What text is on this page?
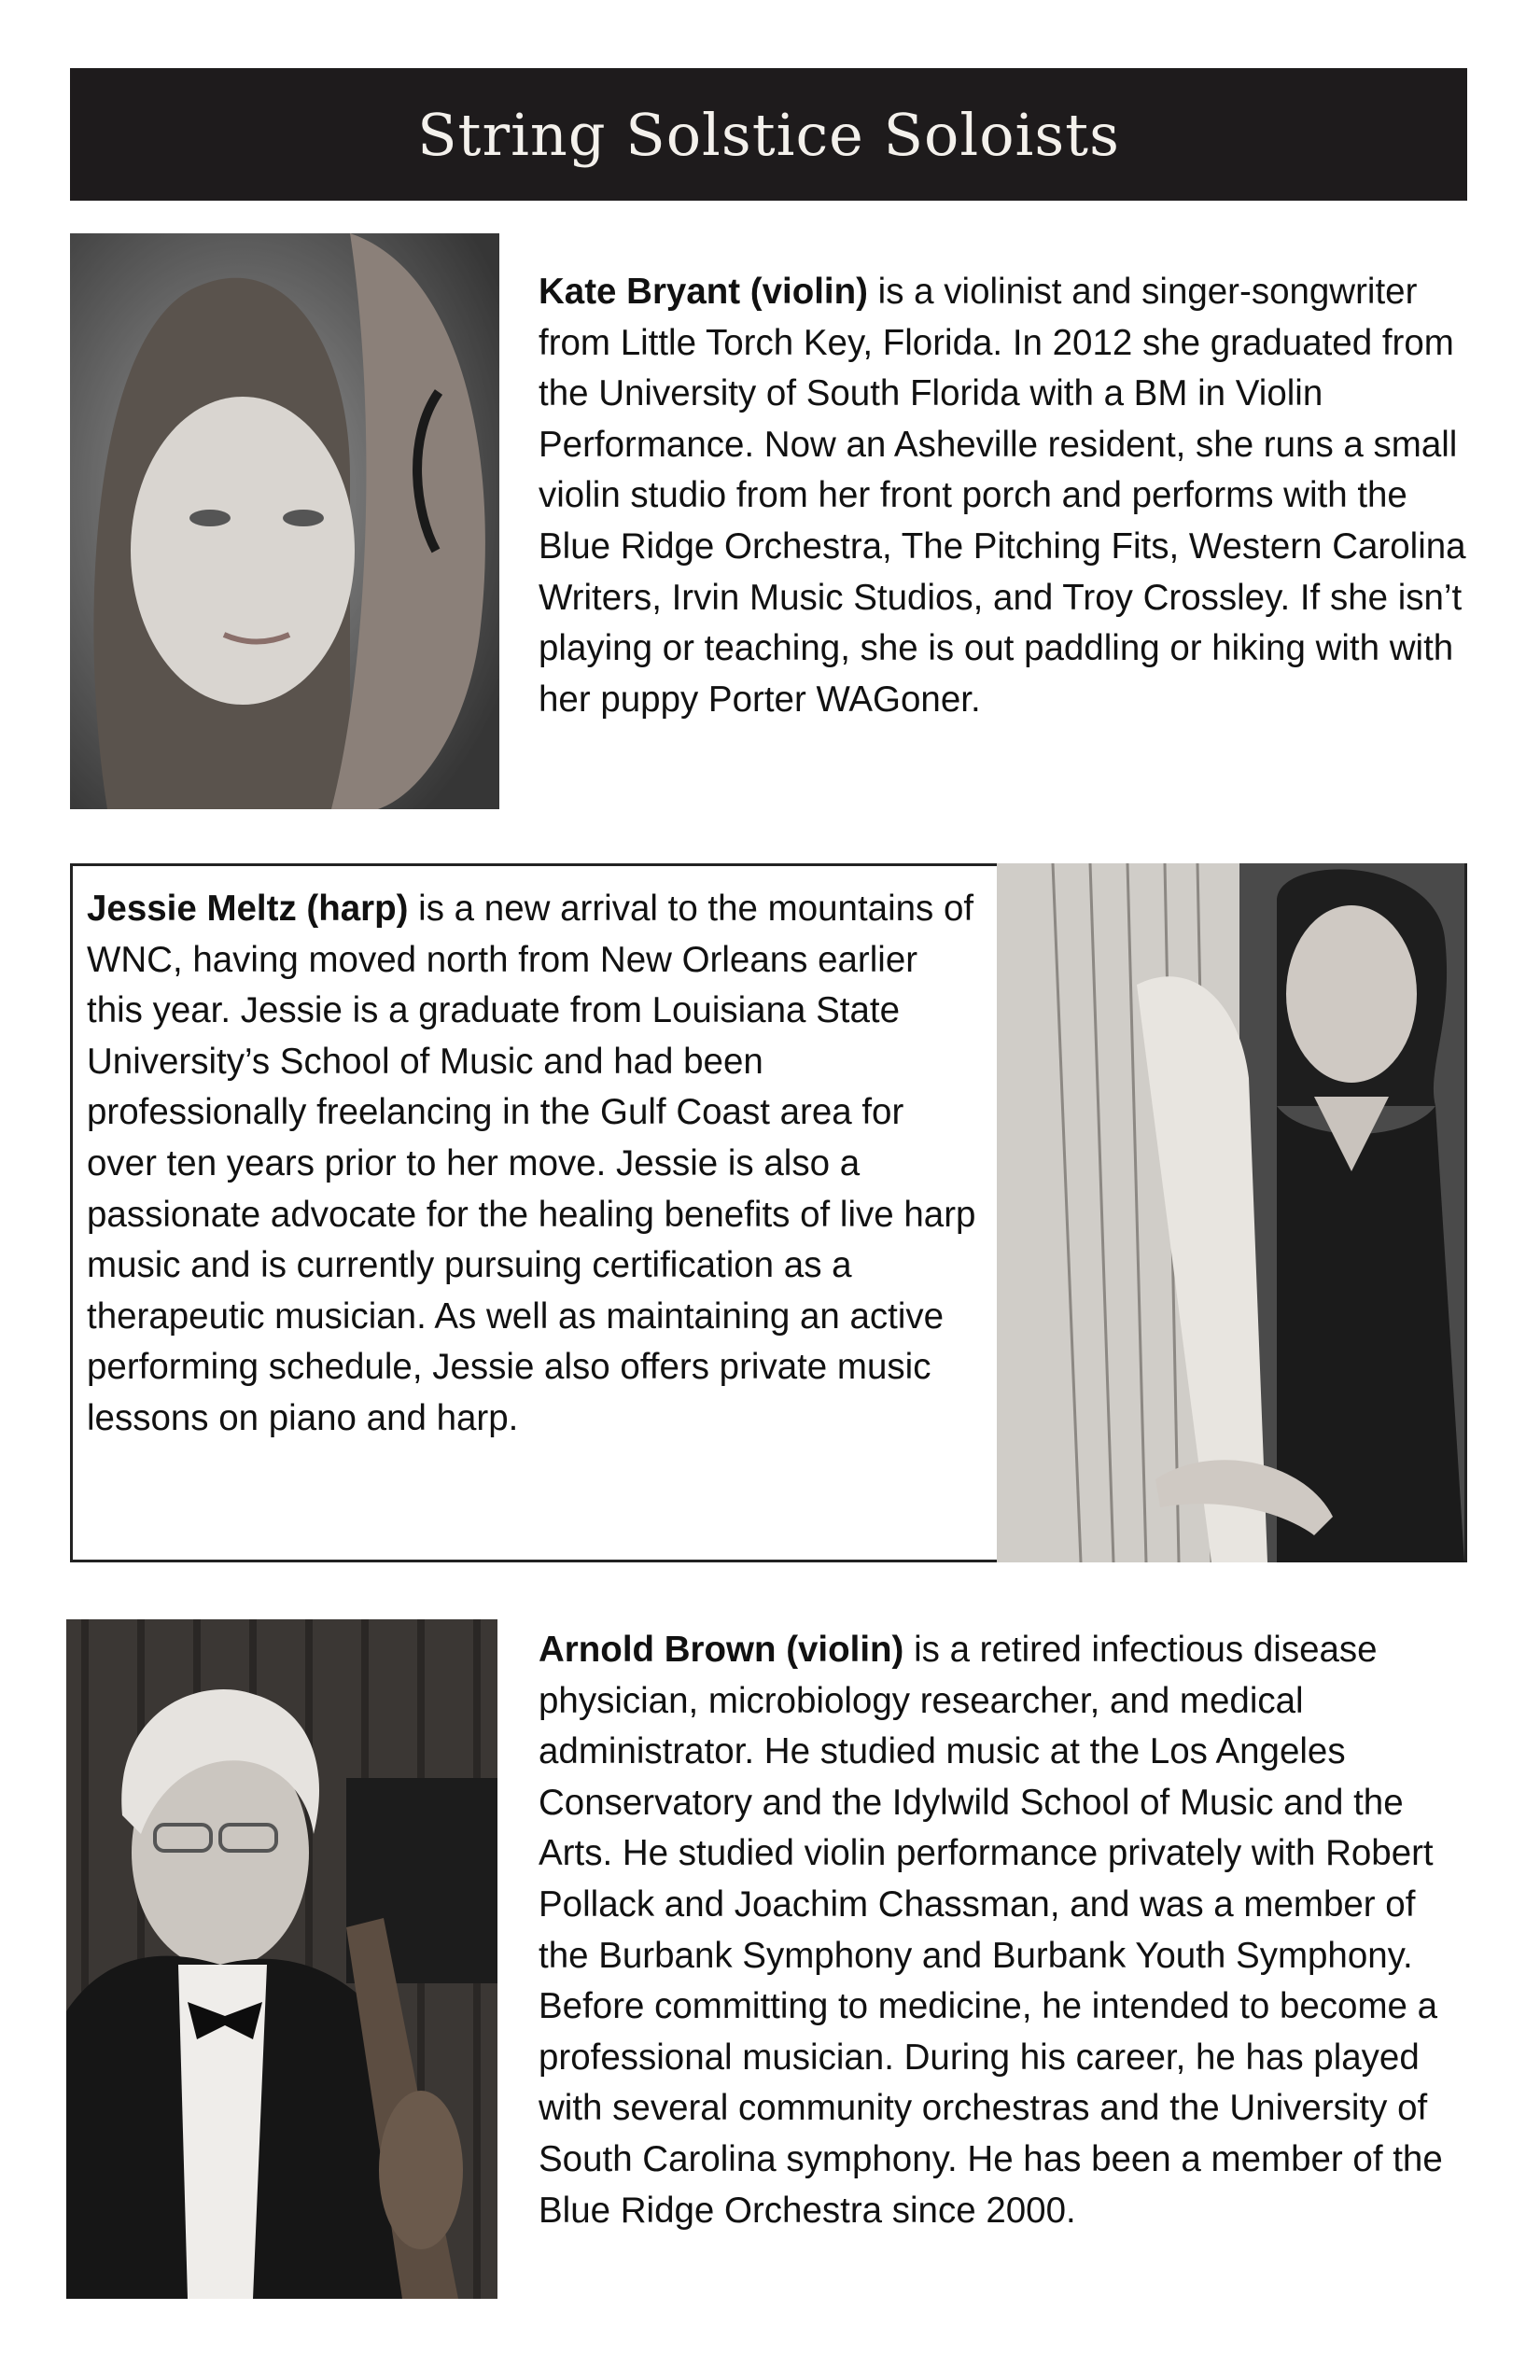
String Solstice Soloists

Kate Bryant (violin) is a violinist and singer-songwriter from Little Torch Key, Florida. In 2012 she graduated from the University of South Florida with a BM in Violin Performance. Now an Asheville resident, she runs a small violin studio from her front porch and performs with the Blue Ridge Orchestra, The Pitching Fits, Western Carolina Writers, Irvin Music Studios, and Troy Crossley. If she isn’t playing or teaching, she is out paddling or hiking with with her puppy Porter WAGoner.

Jessie Meltz (harp) is a new arrival to the mountains of WNC, having moved north from New Orleans earlier this year. Jessie is a graduate from Louisiana State University’s School of Music and had been professionally freelancing in the Gulf Coast area for over ten years prior to her move. Jessie is also a passionate advocate for the healing benefits of live harp music and is currently pursuing certification as a therapeutic musician. As well as maintaining an active performing schedule, Jessie also offers private music lessons on piano and harp.

Arnold Brown (violin) is a retired infectious disease physician, microbiology researcher, and medical administrator. He studied music at the Los Angeles Conservatory and the Idylwild School of Music and the Arts. He studied violin performance privately with Robert Pollack and Joachim Chassman, and was a member of the Burbank Symphony and Burbank Youth Symphony. Before committing to medicine, he intended to become a professional musician. During his career, he has played with several community orchestras and the University of South Carolina symphony. He has been a member of the Blue Ridge Orchestra since 2000.
